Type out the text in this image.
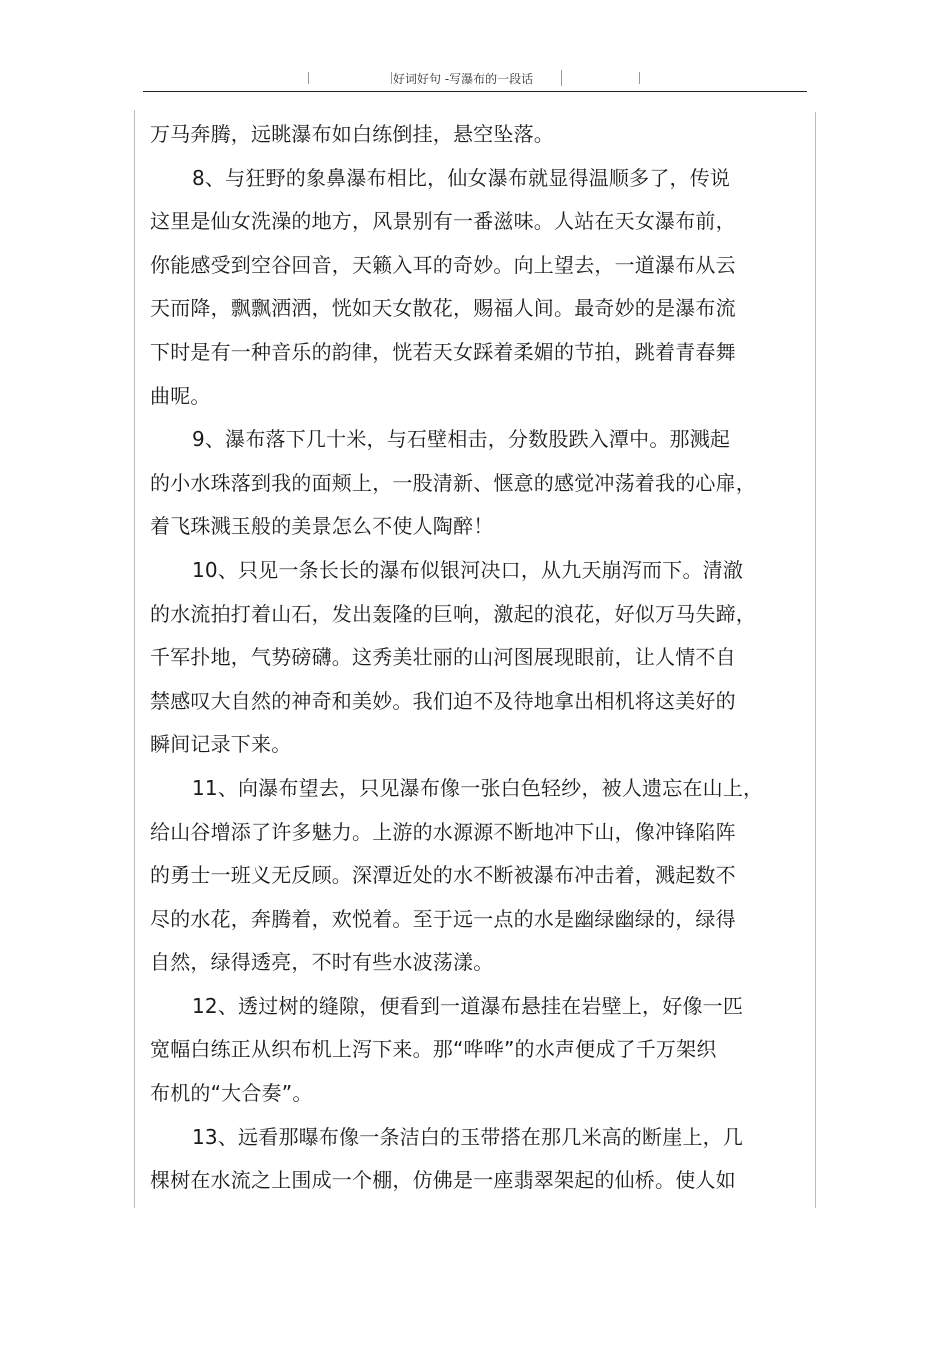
好词好句 -写瀑布的一段话
万马奔腾，远眺瀑布如白练倒挂，悬空坠落。
8、与狂野的象鼻瀑布相比，仙女瀑布就显得温顺多了，传说
这里是仙女洗澡的地方，风景别有一番滋味。人站在天女瀑布前，
你能感受到空谷回音，天籁入耳的奇妙。向上望去，一道瀑布从云
天而降，飘飘洒洒，恍如天女散花，赐福人间。最奇妙的是瀑布流
下时是有一种音乐的韵律，恍若天女踩着柔媚的节拍，跳着青春舞
曲呢。
9、瀑布落下几十米，与石壁相击，分数股跌入潭中。那溅起
的小水珠落到我的面颊上，一股清新、惬意的感觉冲荡着我的心扉，
着飞珠溅玉般的美景怎么不使人陶醉！
10、只见一条长长的瀑布似银河决口，从九天崩泻而下。清澈
的水流拍打着山石，发出轰隆的巨响，激起的浪花，好似万马失蹄，
千军扑地，气势磅礴。这秀美壮丽的山河图展现眼前，让人情不自
禁感叹大自然的神奇和美妙。我们迫不及待地拿出相机将这美好的
瞬间记录下来。
11、向瀑布望去，只见瀑布像一张白色轻纱，被人遗忘在山上，
给山谷增添了许多魅力。上游的水源源不断地冲下山，像冲锋陷阵
的勇士一班义无反顾。深潭近处的水不断被瀑布冲击着，溅起数不
尽的水花，奔腾着，欢悦着。至于远一点的水是幽绿幽绿的，绿得
自然，绿得透亮，不时有些水波荡漾。
12、透过树的缝隙，便看到一道瀑布悬挂在岩壁上，好像一匹
宽幅白练正从织布机上泻下来。那“哗哗”的水声便成了千万架织
布机的“大合奏”。
13、远看那曝布像一条洁白的玉带搭在那几米高的断崖上，几
棵树在水流之上围成一个棚，仿佛是一座翡翠架起的仙桥。使人如
